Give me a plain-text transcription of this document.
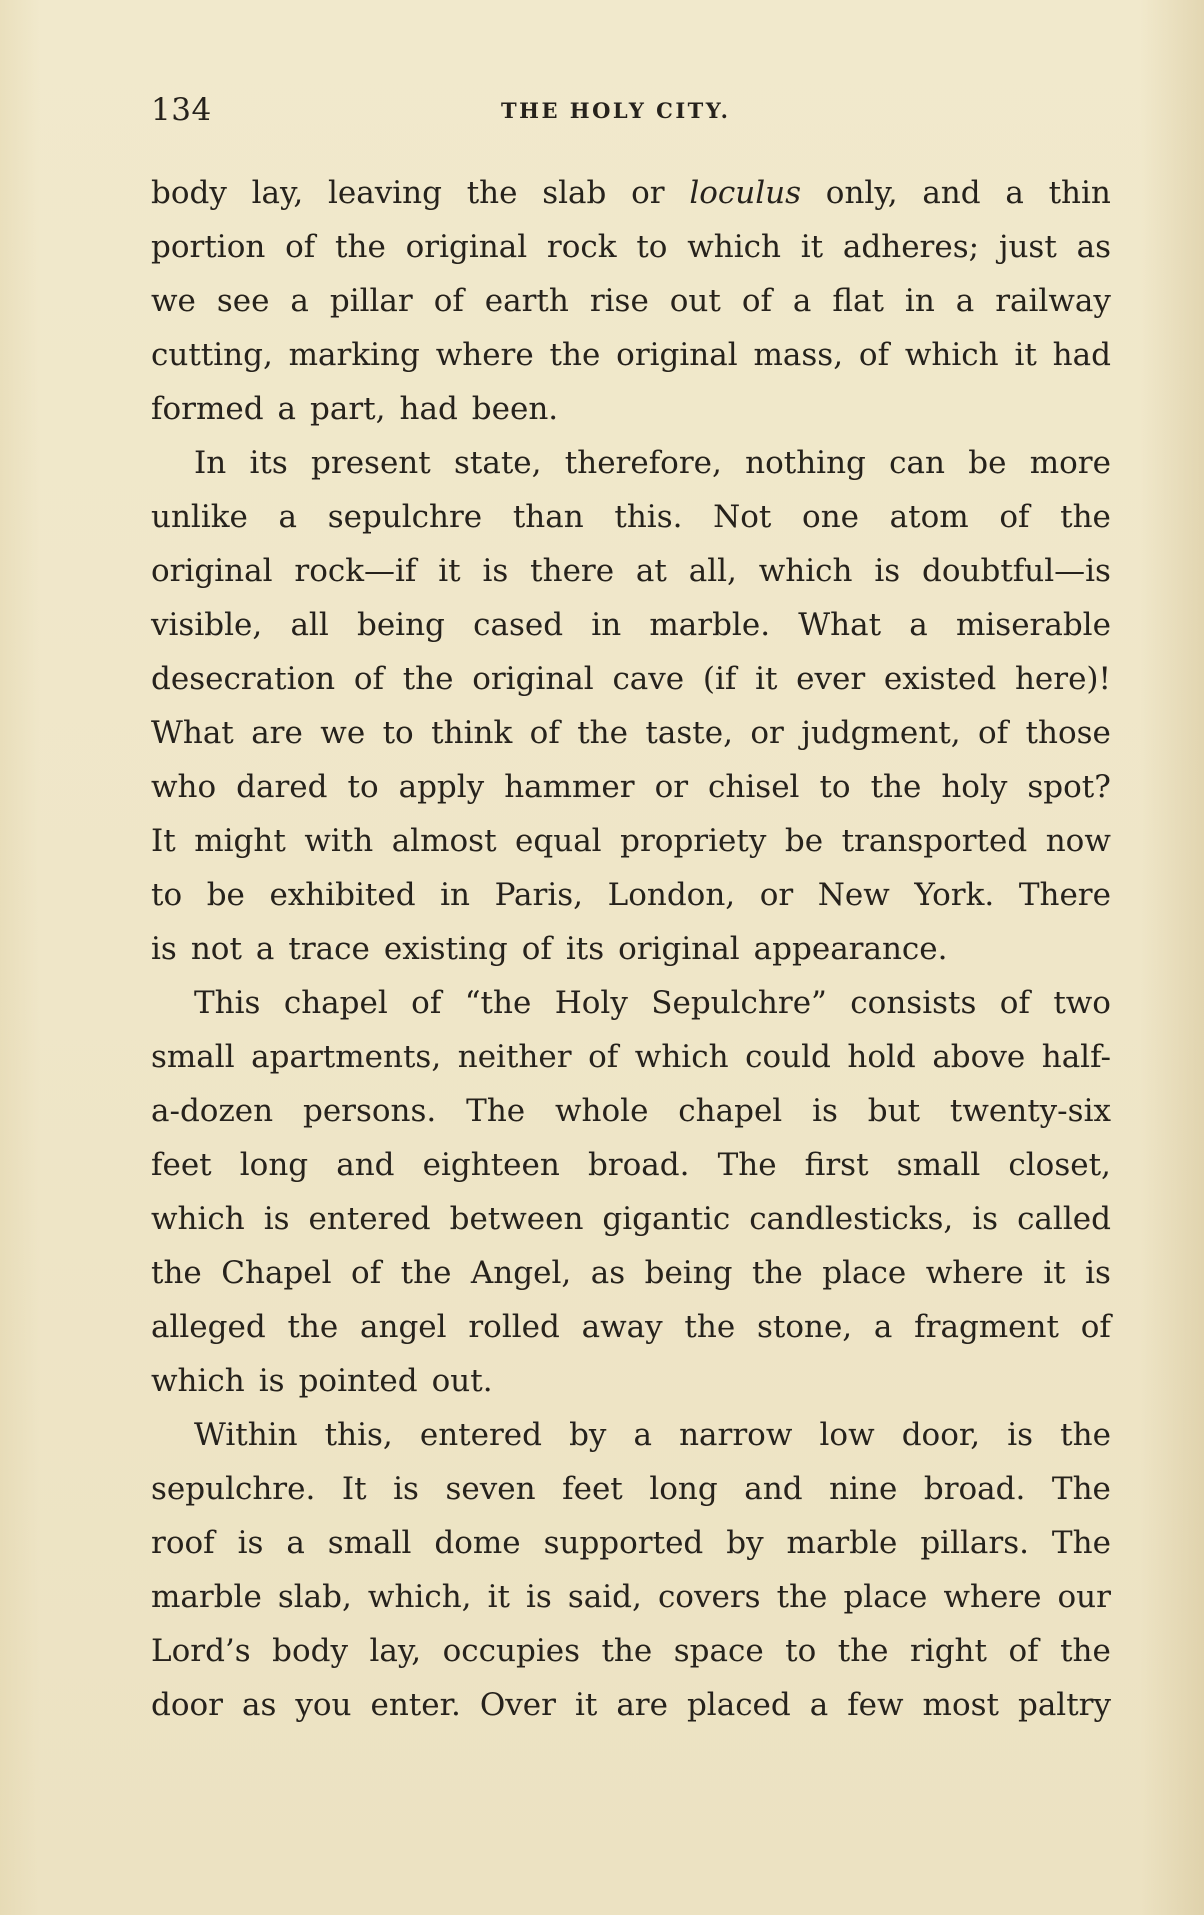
134	THE HOLY CITY.
body lay, leaving the slab or loculus only, and a thin
portion of the original rock to which it adheres; just as
we see a pillar of earth rise out of a flat in a railway
cutting, marking where the original mass, of which it had
formed a part, had been.
In its present state, therefore, nothing can be more
unlike a sepulchre than this. Not one atom of the
original rock—if it is there at all, which is doubtful—is
visible, all being cased in marble. What a miserable
desecration of the original cave (if it ever existed here)!
What are we to think of the taste, or judgment, of those
who dared to apply hammer or chisel to the holy spot?
It might with almost equal propriety be transported now
to be exhibited in Paris, London, or New York. There
is not a trace existing of its original appearance.
This chapel of “the Holy Sepulchre” consists of two
small apartments, neither of which could hold above half-
a-dozen persons. The whole chapel is but twenty-six
feet long and eighteen broad. The first small closet,
which is entered between gigantic candlesticks, is called
the Chapel of the Angel, as being the place where it is
alleged the angel rolled away the stone, a fragment of
which is pointed out.
Within this, entered by a narrow low door, is the
sepulchre. It is seven feet long and nine broad. The
roof is a small dome supported by marble pillars. The
marble slab, which, it is said, covers the place where our
Lord’s body lay, occupies the space to the right of the
door as you enter. Over it are placed a few most paltry
